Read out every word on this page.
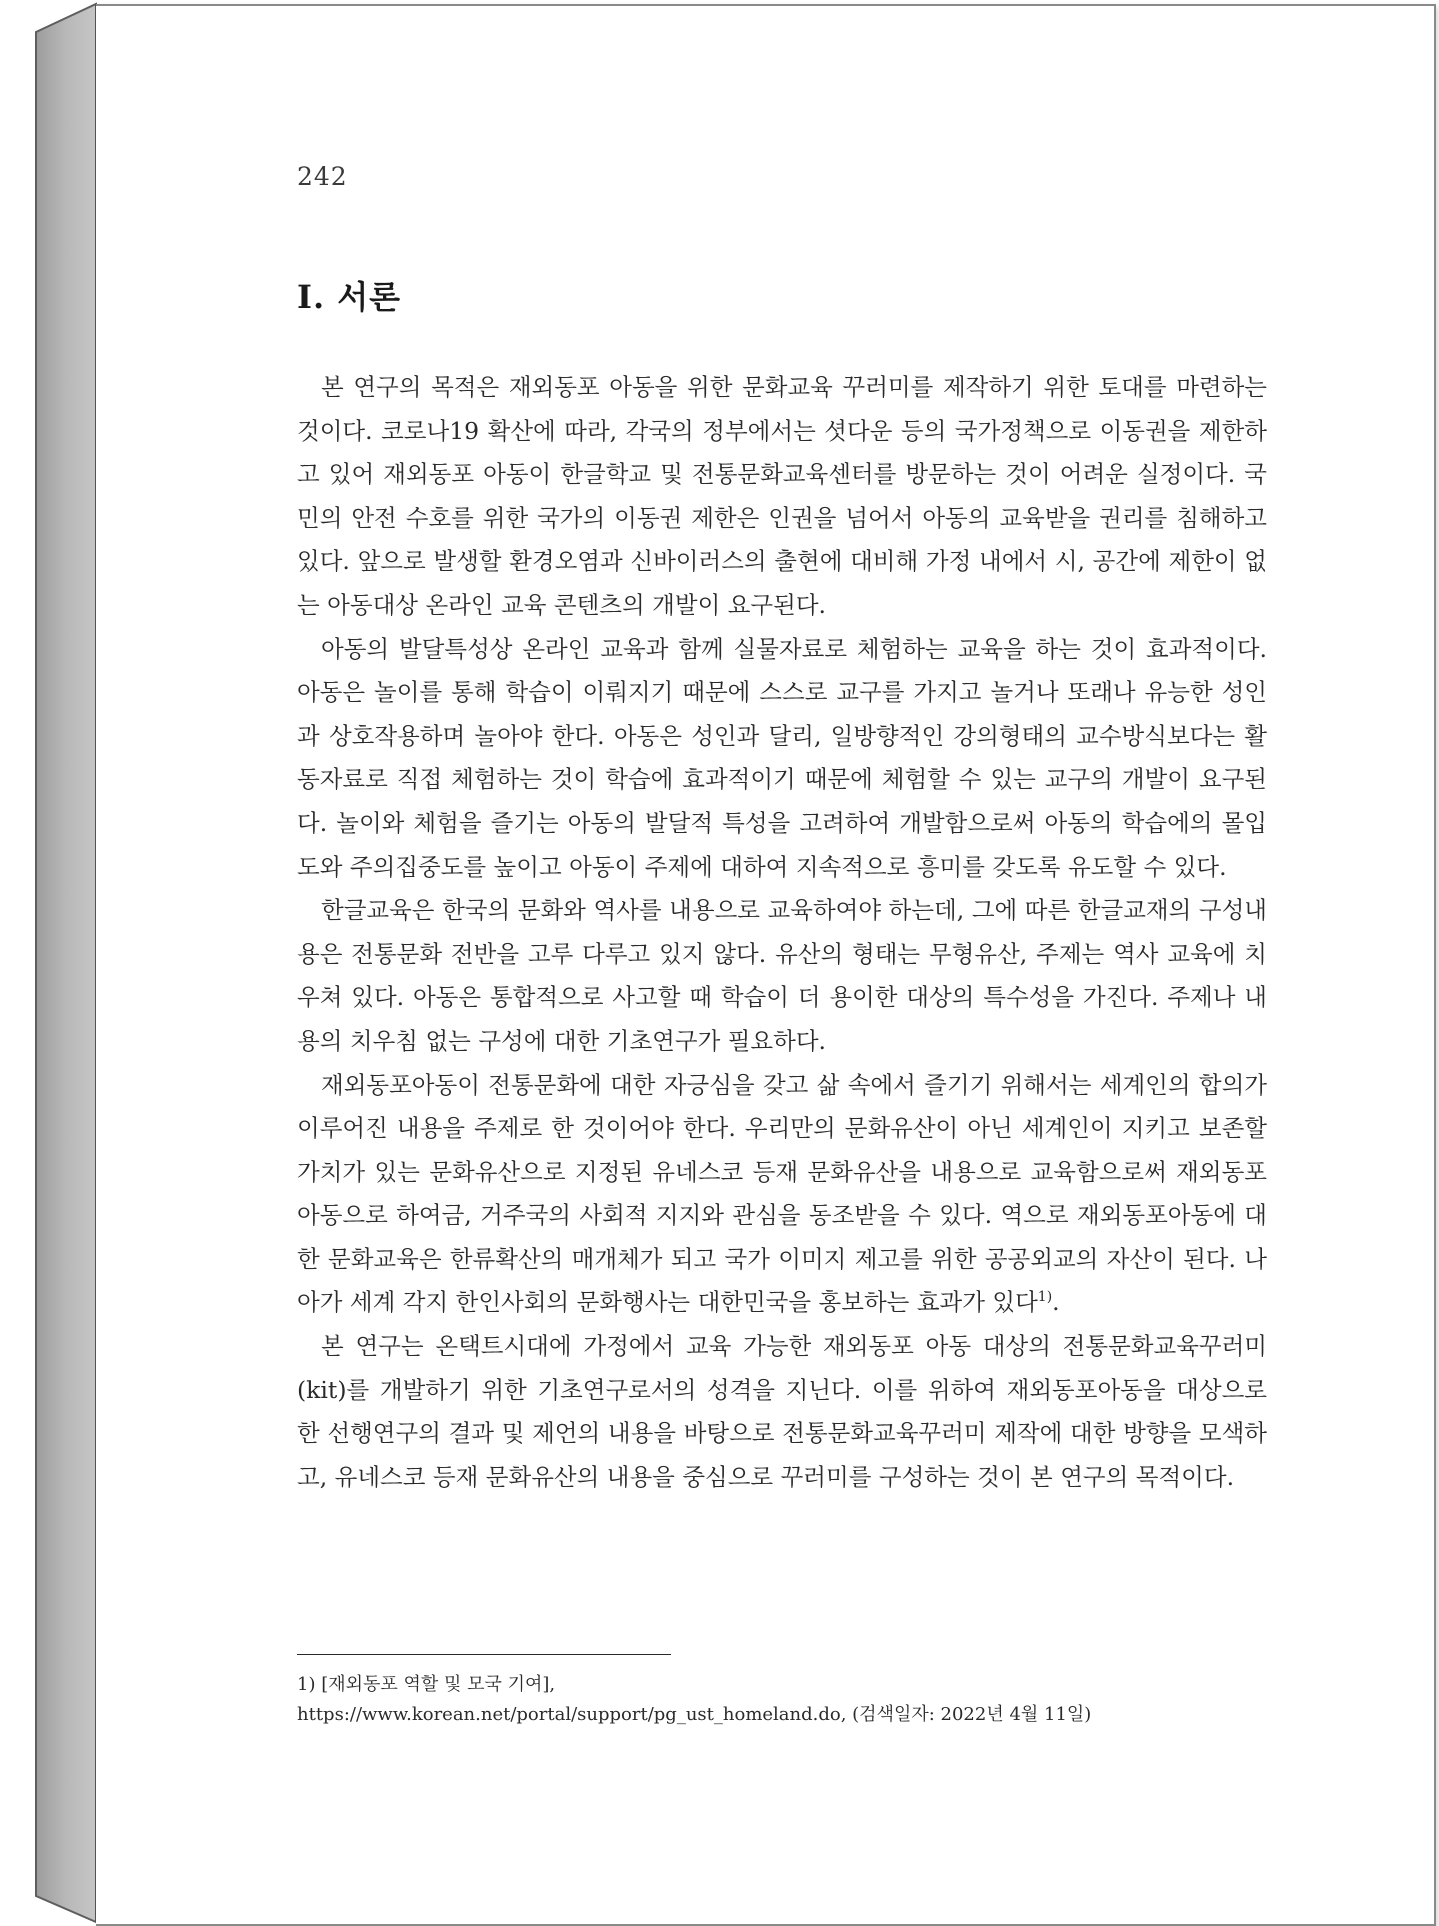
242
Ⅰ. 서론

본 연구의 목적은 재외동포 아동을 위한 문화교육 꾸러미를 제작하기 위한 토대를 마련하는 것이다. 코로나19 확산에 따라, 각국의 정부에서는 셧다운 등의 국가정책으로 이동권을 제한하고 있어 재외동포 아동이 한글학교 및 전통문화교육센터를 방문하는 것이 어려운 실정이다. 국민의 안전 수호를 위한 국가의 이동권 제한은 인권을 넘어서 아동의 교육받을 권리를 침해하고 있다. 앞으로 발생할 환경오염과 신바이러스의 출현에 대비해 가정 내에서 시, 공간에 제한이 없는 아동대상 온라인 교육 콘텐츠의 개발이 요구된다.

아동의 발달특성상 온라인 교육과 함께 실물자료로 체험하는 교육을 하는 것이 효과적이다. 아동은 놀이를 통해 학습이 이뤄지기 때문에 스스로 교구를 가지고 놀거나 또래나 유능한 성인과 상호작용하며 놀아야 한다. 아동은 성인과 달리, 일방향적인 강의형태의 교수방식보다는 활동자료로 직접 체험하는 것이 학습에 효과적이기 때문에 체험할 수 있는 교구의 개발이 요구된다. 놀이와 체험을 즐기는 아동의 발달적 특성을 고려하여 개발함으로써 아동의 학습에의 몰입도와 주의집중도를 높이고 아동이 주제에 대하여 지속적으로 흥미를 갖도록 유도할 수 있다.

한글교육은 한국의 문화와 역사를 내용으로 교육하여야 하는데, 그에 따른 한글교재의 구성내용은 전통문화 전반을 고루 다루고 있지 않다. 유산의 형태는 무형유산, 주제는 역사 교육에 치우쳐 있다. 아동은 통합적으로 사고할 때 학습이 더 용이한 대상의 특수성을 가진다. 주제나 내용의 치우침 없는 구성에 대한 기초연구가 필요하다.

재외동포아동이 전통문화에 대한 자긍심을 갖고 삶 속에서 즐기기 위해서는 세계인의 합의가 이루어진 내용을 주제로 한 것이어야 한다. 우리만의 문화유산이 아닌 세계인이 지키고 보존할 가치가 있는 문화유산으로 지정된 유네스코 등재 문화유산을 내용으로 교육함으로써 재외동포아동으로 하여금, 거주국의 사회적 지지와 관심을 동조받을 수 있다. 역으로 재외동포아동에 대한 문화교육은 한류확산의 매개체가 되고 국가 이미지 제고를 위한 공공외교의 자산이 된다. 나아가 세계 각지 한인사회의 문화행사는 대한민국을 홍보하는 효과가 있다$^{1)}$.

본 연구는 온택트시대에 가정에서 교육 가능한 재외동포 아동 대상의 전통문화교육꾸러미(kit)를 개발하기 위한 기초연구로서의 성격을 지닌다. 이를 위하여 재외동포아동을 대상으로 한 선행연구의 결과 및 제언의 내용을 바탕으로 전통문화교육꾸러미 제작에 대한 방향을 모색하고, 유네스코 등재 문화유산의 내용을 중심으로 꾸러미를 구성하는 것이 본 연구의 목적이다.

1) [재외동포 역할 및 모국 기여],
https://www.korean.net/portal/support/pg_ust_homeland.do, (검색일자: 2022년 4월 11일)
